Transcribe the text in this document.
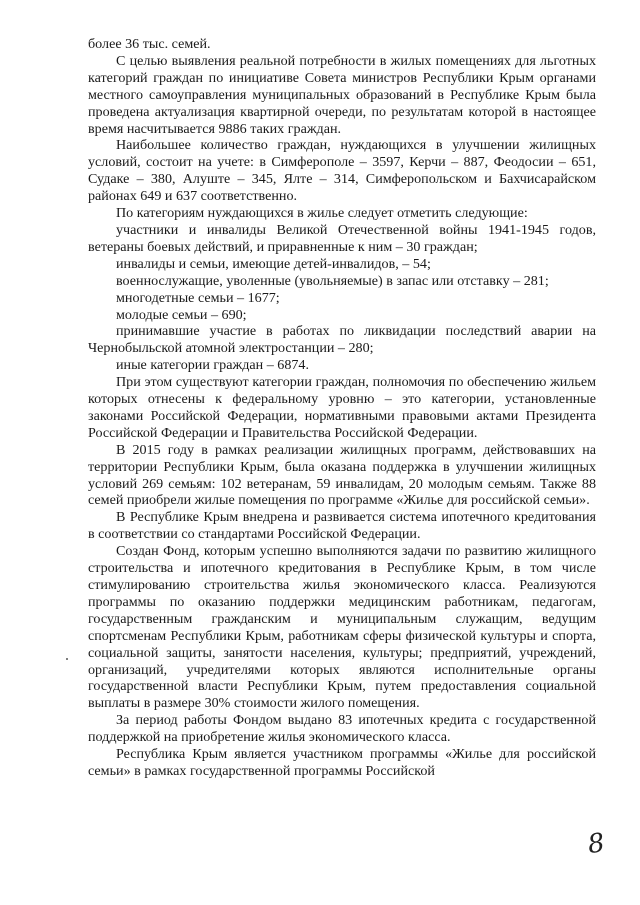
более 36 тыс. семей.

С целью выявления реальной потребности в жилых помещениях для льготных категорий граждан по инициативе Совета министров Республики Крым органами местного самоуправления муниципальных образований в Республике Крым была проведена актуализация квартирной очереди, по результатам которой в настоящее время насчитывается 9886 таких граждан.

Наибольшее количество граждан, нуждающихся в улучшении жилищных условий, состоит на учете: в Симферополе – 3597, Керчи – 887, Феодосии – 651, Судаке – 380, Алуште – 345, Ялте – 314, Симферопольском и Бахчисарайском районах 649 и 637 соответственно.

По категориям нуждающихся в жилье следует отметить следующие:

участники и инвалиды Великой Отечественной войны 1941-1945 годов, ветераны боевых действий, и приравненные к ним – 30 граждан;

инвалиды и семьи, имеющие детей-инвалидов, – 54;

военнослужащие, уволенные (увольняемые) в запас или отставку – 281;

многодетные семьи – 1677;

молодые семьи – 690;

принимавшие участие в работах по ликвидации последствий аварии на Чернобыльской атомной электростанции – 280;

иные категории граждан – 6874.

При этом существуют категории граждан, полномочия по обеспечению жильем которых отнесены к федеральному уровню – это категории, установленные законами Российской Федерации, нормативными правовыми актами Президента Российской Федерации и Правительства Российской Федерации.

В 2015 году в рамках реализации жилищных программ, действовавших на территории Республики Крым, была оказана поддержка в улучшении жилищных условий 269 семьям: 102 ветеранам, 59 инвалидам, 20 молодым семьям. Также 88 семей приобрели жилые помещения по программе «Жилье для российской семьи».

В Республике Крым внедрена и развивается система ипотечного кредитования в соответствии со стандартами Российской Федерации.

Создан Фонд, которым успешно выполняются задачи по развитию жилищного строительства и ипотечного кредитования в Республике Крым, в том числе стимулированию строительства жилья экономического класса. Реализуются программы по оказанию поддержки медицинским работникам, педагогам, государственным гражданским и муниципальным служащим, ведущим спортсменам Республики Крым, работникам сферы физической культуры и спорта, социальной защиты, занятости населения, культуры; предприятий, учреждений, организаций, учредителями которых являются исполнительные органы государственной власти Республики Крым, путем предоставления социальной выплаты в размере 30% стоимости жилого помещения.

За период работы Фондом выдано 83 ипотечных кредита с государственной поддержкой на приобретение жилья экономического класса.

Республика Крым является участником программы «Жилье для российской семьи» в рамках государственной программы Российской

8
